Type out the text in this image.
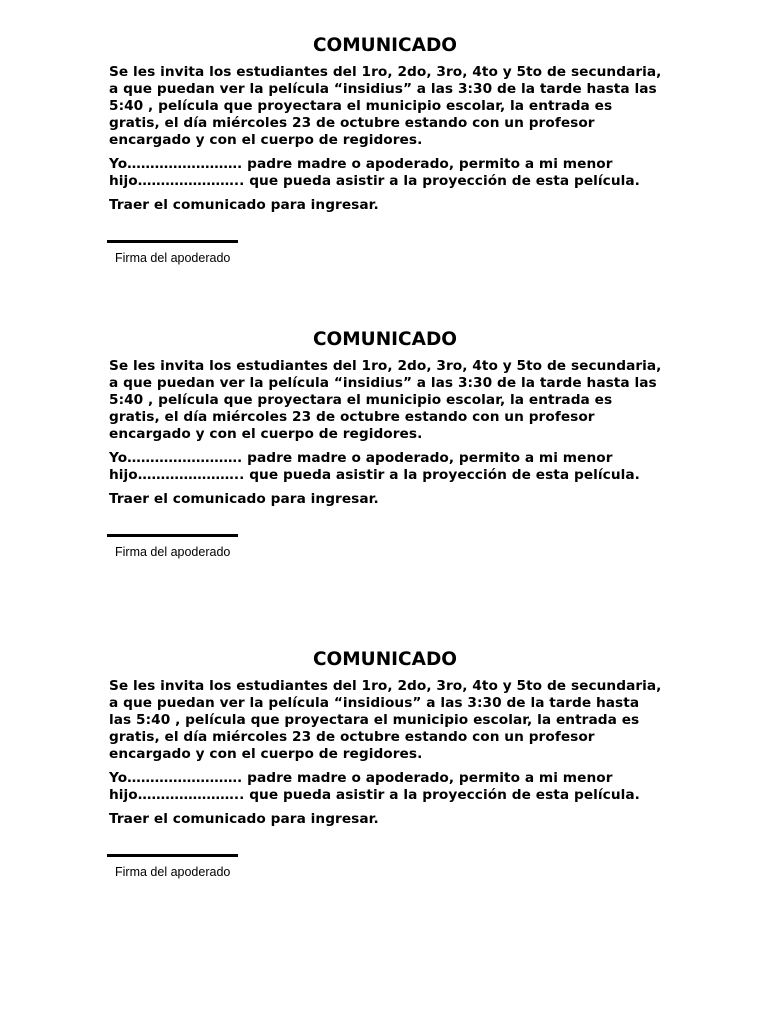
COMUNICADO

Se les invita los estudiantes del 1ro, 2do, 3ro, 4to y 5to de secundaria, a que puedan ver la película “insidius” a las 3:30 de la tarde hasta las 5:40 , película que proyectara el municipio escolar, la entrada es gratis, el día miércoles 23 de octubre estando con un profesor encargado y con el cuerpo de regidores.

Yo……………………. padre madre o apoderado, permito a mi menor hijo………………….. que pueda asistir a la proyección de esta película.

Traer el comunicado para ingresar.

Firma del apoderado
COMUNICADO

Se les invita los estudiantes del 1ro, 2do, 3ro, 4to y 5to de secundaria, a que puedan ver la película “insidius” a las 3:30 de la tarde hasta las 5:40 , película que proyectara el municipio escolar, la entrada es gratis, el día miércoles 23 de octubre estando con un profesor encargado y con el cuerpo de regidores.

Yo……………………. padre madre o apoderado, permito a mi menor hijo………………….. que pueda asistir a la proyección de esta película.

Traer el comunicado para ingresar.

Firma del apoderado
COMUNICADO

Se les invita los estudiantes del 1ro, 2do, 3ro, 4to y 5to de secundaria, a que puedan ver la película “insidious” a las 3:30 de la tarde hasta las 5:40 , película que proyectara el municipio escolar, la entrada es gratis, el día miércoles 23 de octubre estando con un profesor encargado y con el cuerpo de regidores.

Yo……………………. padre madre o apoderado, permito a mi menor hijo………………….. que pueda asistir a la proyección de esta película.

Traer el comunicado para ingresar.

Firma del apoderado
